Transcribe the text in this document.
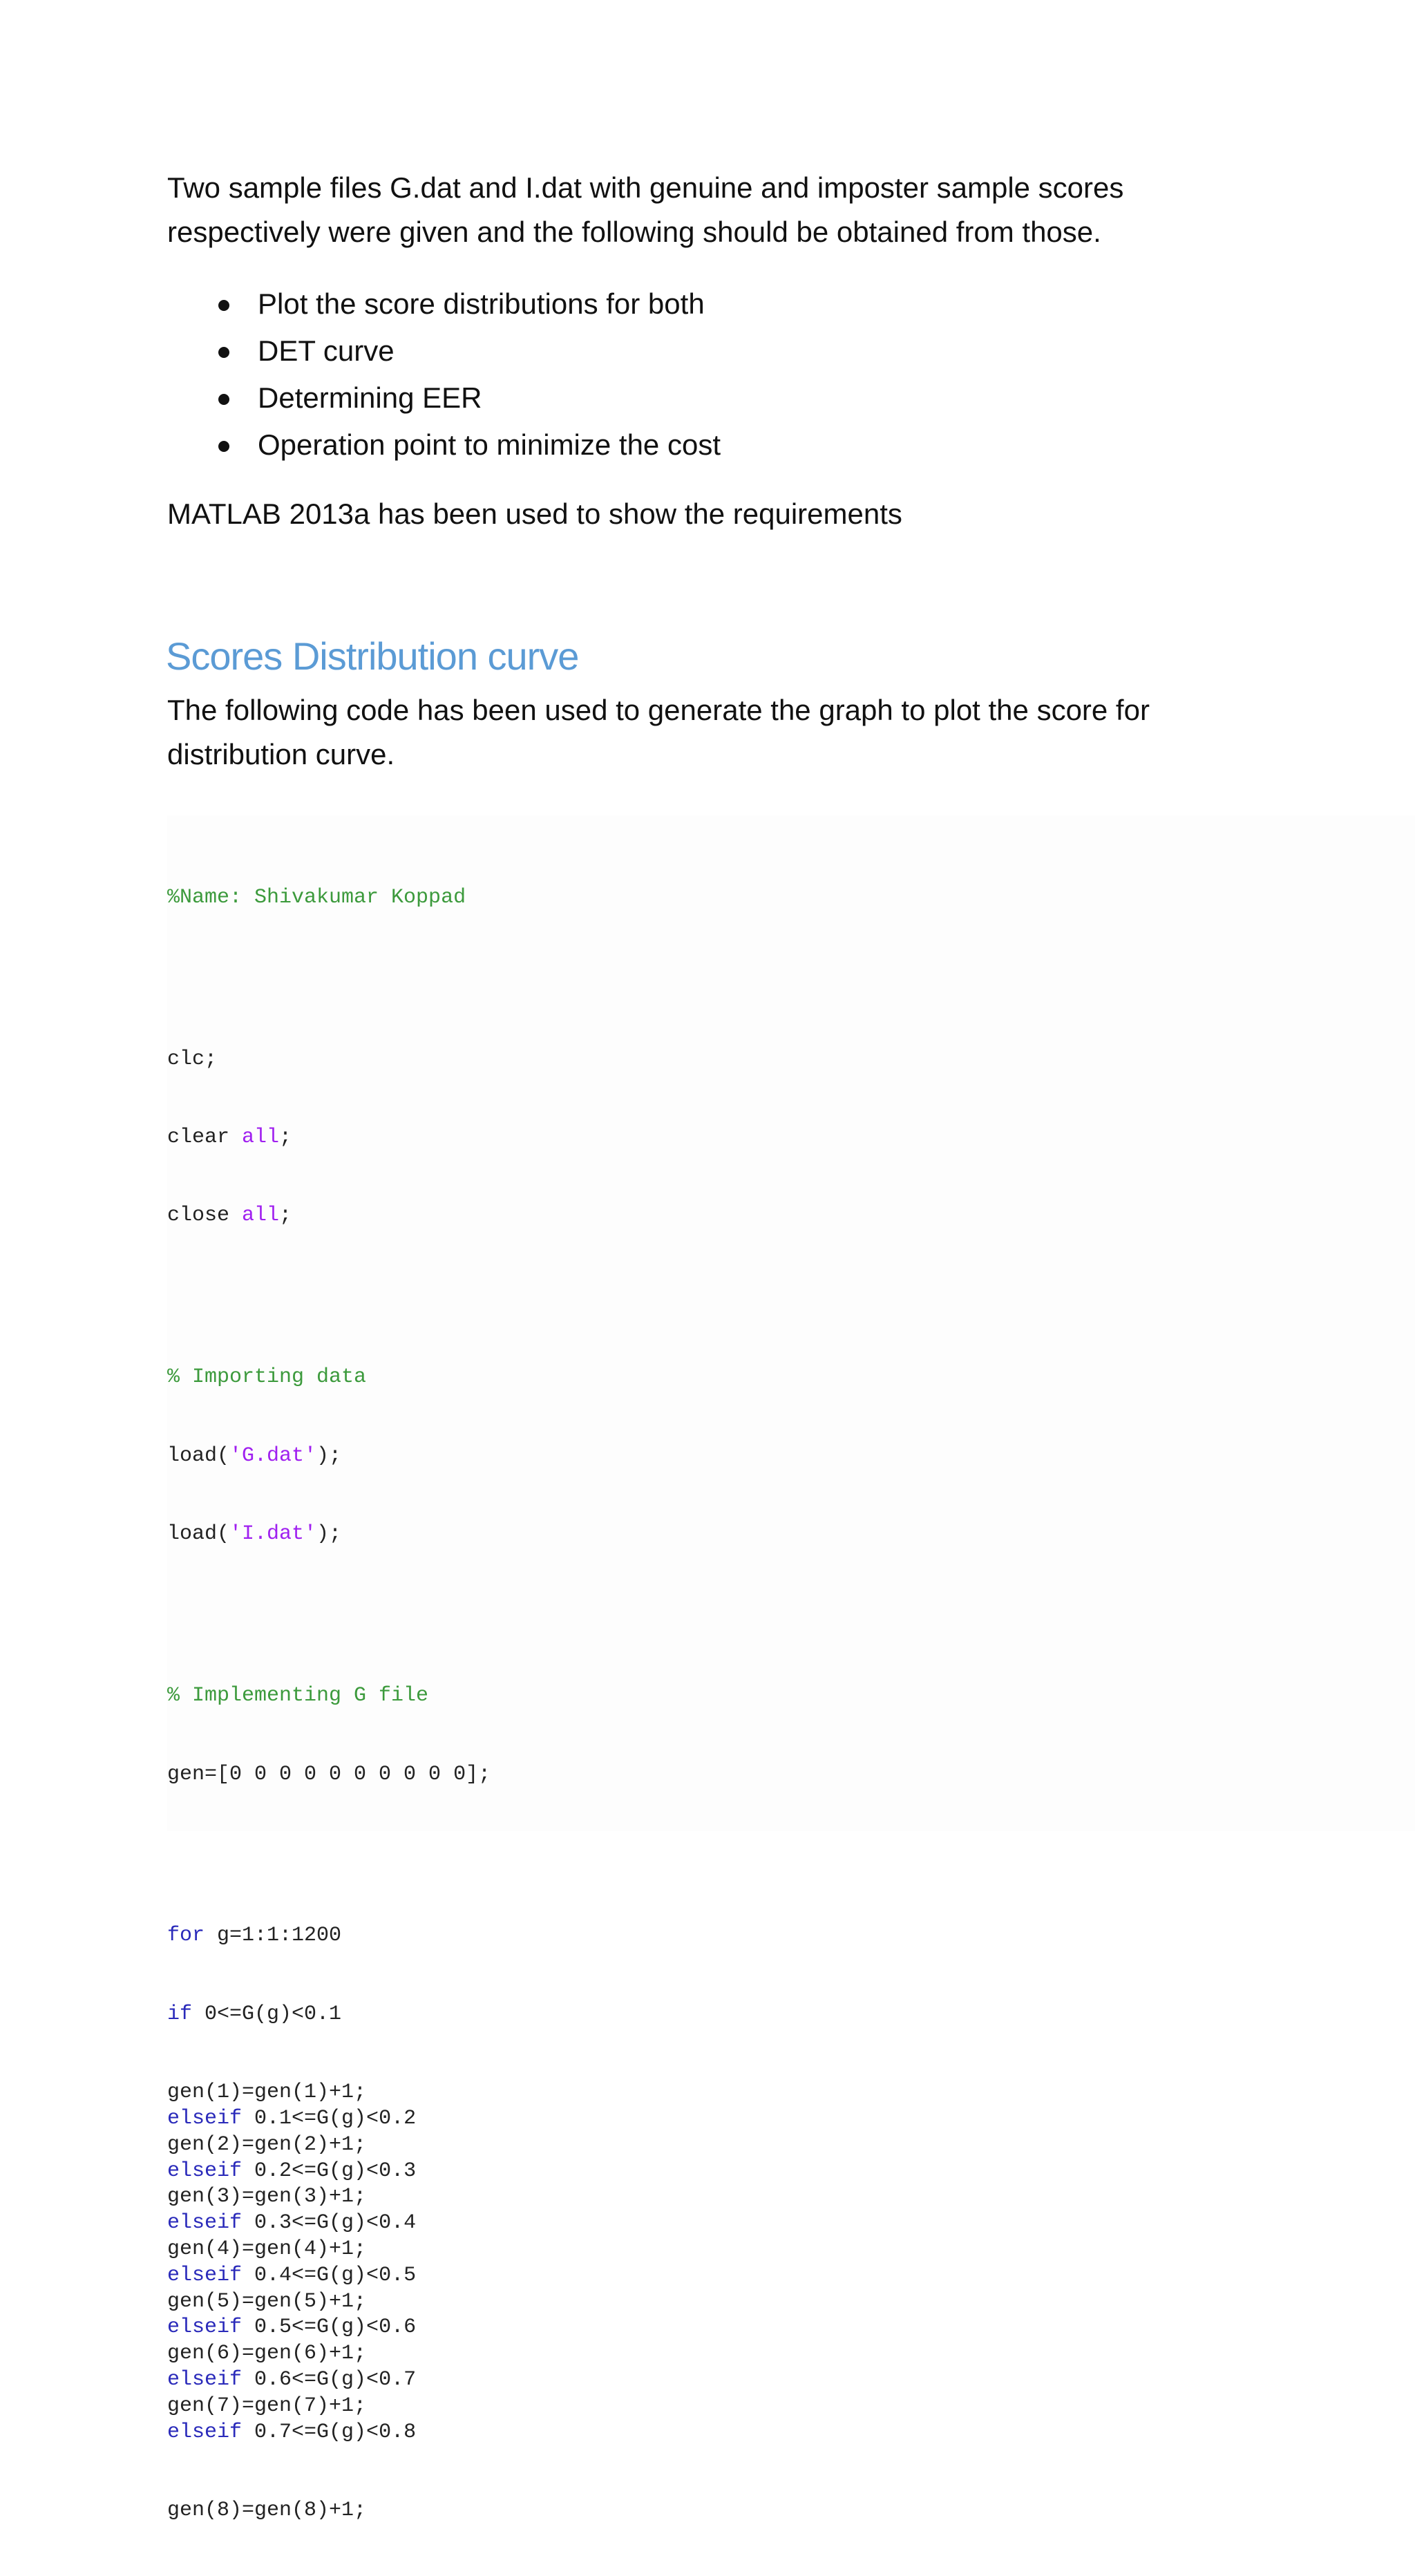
Two sample files G.dat and I.dat with genuine and imposter sample scores
respectively were given and the following should be obtained from those.

Plot the score distributions for both
DET curve
Determining EER
Operation point to minimize the cost

MATLAB 2013a has been used to show the requirements

Scores Distribution curve

The following code has been used to generate the graph to plot the score for
distribution curve.

%Name: Shivakumar Koppad

clc;

clear all;

close all;

% Importing data

load('G.dat');

load('I.dat');

% Implementing G file

gen=[0 0 0 0 0 0 0 0 0 0];

for g=1:1:1200

if 0<=G(g)<0.1

gen(1)=gen(1)+1;
elseif 0.1<=G(g)<0.2
gen(2)=gen(2)+1;
elseif 0.2<=G(g)<0.3
gen(3)=gen(3)+1;
elseif 0.3<=G(g)<0.4
gen(4)=gen(4)+1;
elseif 0.4<=G(g)<0.5
gen(5)=gen(5)+1;
elseif 0.5<=G(g)<0.6
gen(6)=gen(6)+1;
elseif 0.6<=G(g)<0.7
gen(7)=gen(7)+1;
elseif 0.7<=G(g)<0.8

gen(8)=gen(8)+1;
